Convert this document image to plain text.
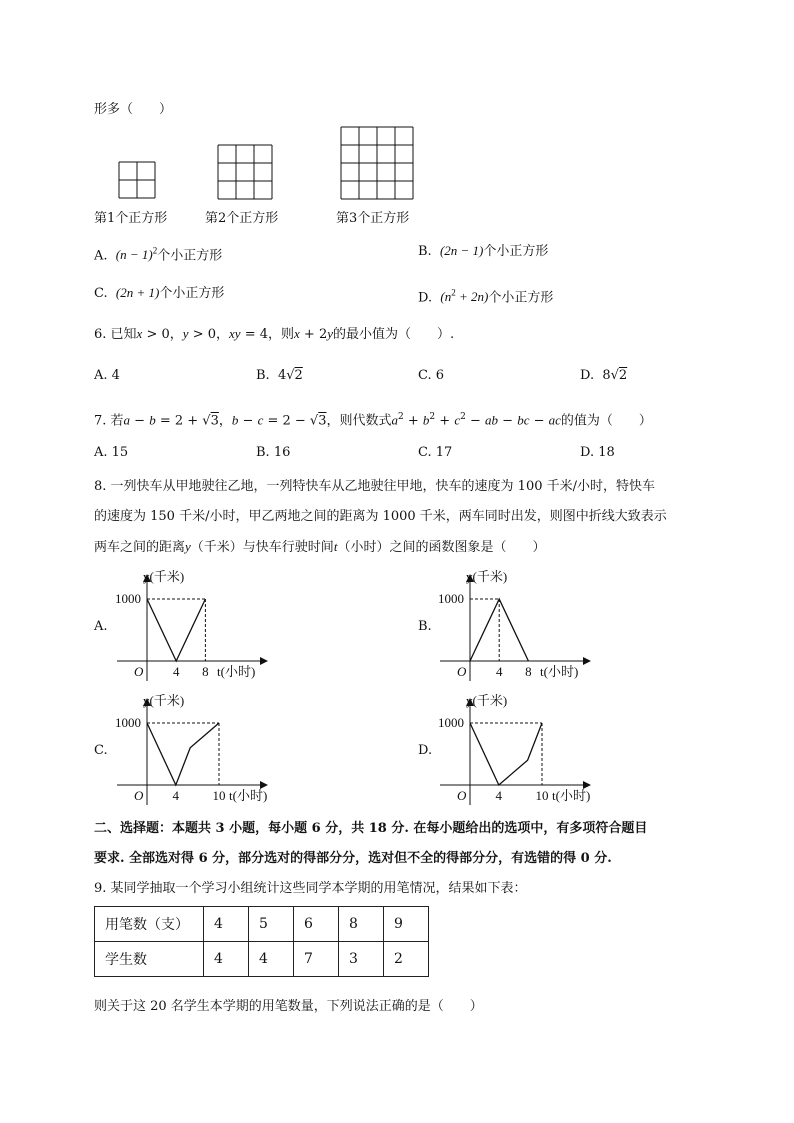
形多（　　）
第1个正方形	第2个正方形	第3个正方形
A. $(n - 1)^2$个小正方形	B. (2n − 1)个小正方形
C. (2n + 1)个小正方形	D. $(n^2 + 2n)$个小正方形
6. 已知x > 0，y > 0，xy = 4，则x + 2y的最小值为（　　）.
A. 4	B.  4√2	C. 6	D.  8√2
7. 若a − b = 2 + √3，b − c = 2 − √3，则代数式$a^2 + b^2 + c^2$ − ab − bc − ac的值为（　　）
A. 15	B. 16	C. 17	D. 18
8. 一列快车从甲地驶往乙地，一列特快车从乙地驶往甲地，快车的速度为 100 千米/小时，特快车
的速度为 150 千米/小时，甲乙两地之间的距离为 1000 千米，两车同时出发，则图中折线大致表示
两车之间的距离y（千米）与快车行驶时间t（小时）之间的函数图象是（　　）
A.	B.
C.	D.
y(千米)
1000
O 4 8 t(小时)
y(千米)
1000
O 4 8 t(小时)
y(千米)
1000
O 4	10 t(小时)
y(千米)
1000
O 4	10 t(小时)
二、选择题：本题共 3 小题，每小题 6 分，共 18 分. 在每小题给出的选项中，有多项符合题目
要求. 全部选对得 6 分，部分选对的得部分分，选对但不全的得部分分，有选错的得 0 分.
9. 某同学抽取一个学习小组统计这些同学本学期的用笔情况，结果如下表：
用笔数（支）	4	5	6	8	9
学生数	4	4	7	3	2
则关于这 20 名学生本学期的用笔数量，下列说法正确的是（　　）
